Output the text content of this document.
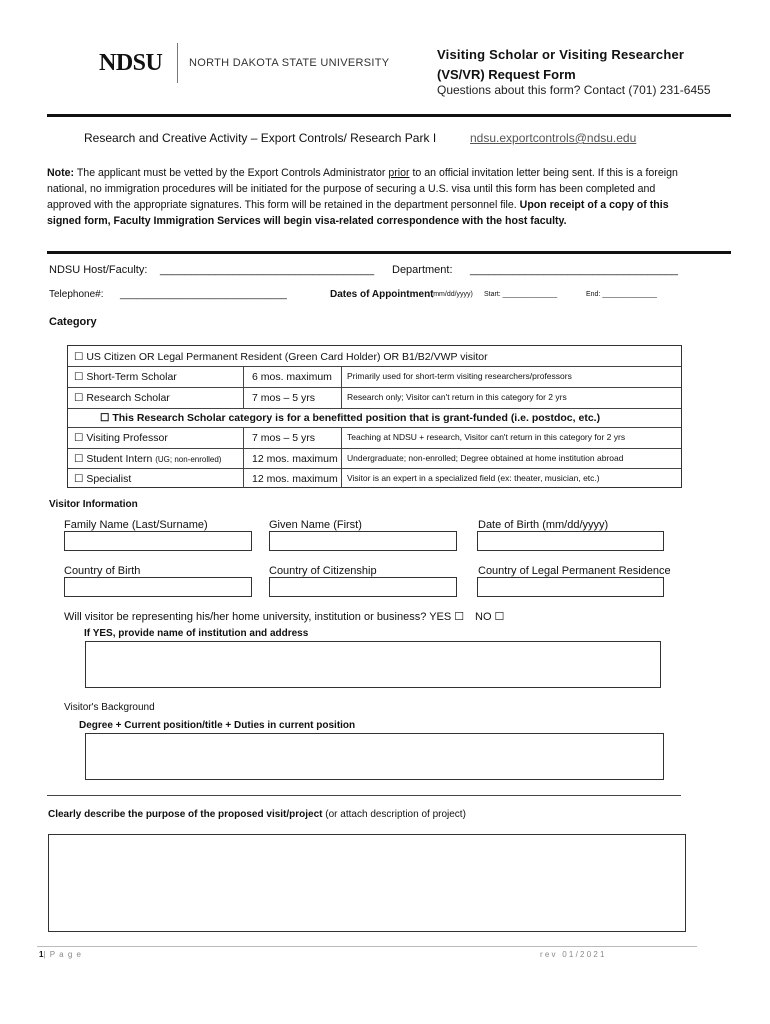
NDSU NORTH DAKOTA STATE UNIVERSITY
Visiting Scholar or Visiting Researcher
(VS/VR) Request Form
Questions about this form? Contact (701) 231-6455
Research and Creative Activity – Export Controls/ Research Park I	ndsu.exportcontrols@ndsu.edu
Note: The applicant must be vetted by the Export Controls Administrator prior to an official invitation letter being sent. If this is a foreign national, no immigration procedures will be initiated for the purpose of securing a U.S. visa until this form has been completed and approved with the appropriate signatures. This form will be retained in the department personnel file. Upon receipt of a copy of this signed form, Faculty Immigration Services will begin visa-related correspondence with the host faculty.
NDSU Host/Faculty: ___________________________________ Department: __________________________________
Telephone#: ______________________________	Dates of Appointment
: (mm/dd/yyyy) Start: ______________	End: ______________
Category
☐ US Citizen OR Legal Permanent Resident (Green Card Holder) OR B1/B2/VWP visitor
☐ Short-Term Scholar	6 mos. maximum Primarily used for short-term visiting researchers/professors
☐ Research Scholar	7 mos – 5 yrs	Research only; Visitor can't return in this category for 2 yrs
☐ This Research Scholar category is for a benefitted position that is grant-funded (i.e. postdoc, etc.)
☐ Visiting Professor	7 mos – 5 yrs	Teaching at NDSU + research, Visitor can't return in this category for 2 yrs
☐ Student Intern (UG; non-enrolled)	12 mos. maximum Undergraduate; non-enrolled; Degree obtained at home institution abroad
☐ Specialist	12 mos. maximum Visitor is an expert in a specialized field (ex: theater, musician, etc.)
Visitor Information
Family Name (Last/Surname)	Given Name (First)	Date of Birth (mm/dd/yyyy)
Country of Birth	Country of Citizenship	Country of Legal Permanent Residence
Will visitor be representing his/her home university, institution or business? YES ☐ NO ☐
If YES, provide name of institution and address
Visitor's Background
Degree + Current position/title + Duties in current position
Clearly describe the purpose of the proposed visit/project (or attach description of project)
1| P a g e	r e v   0 1 / 2 0 2 1
